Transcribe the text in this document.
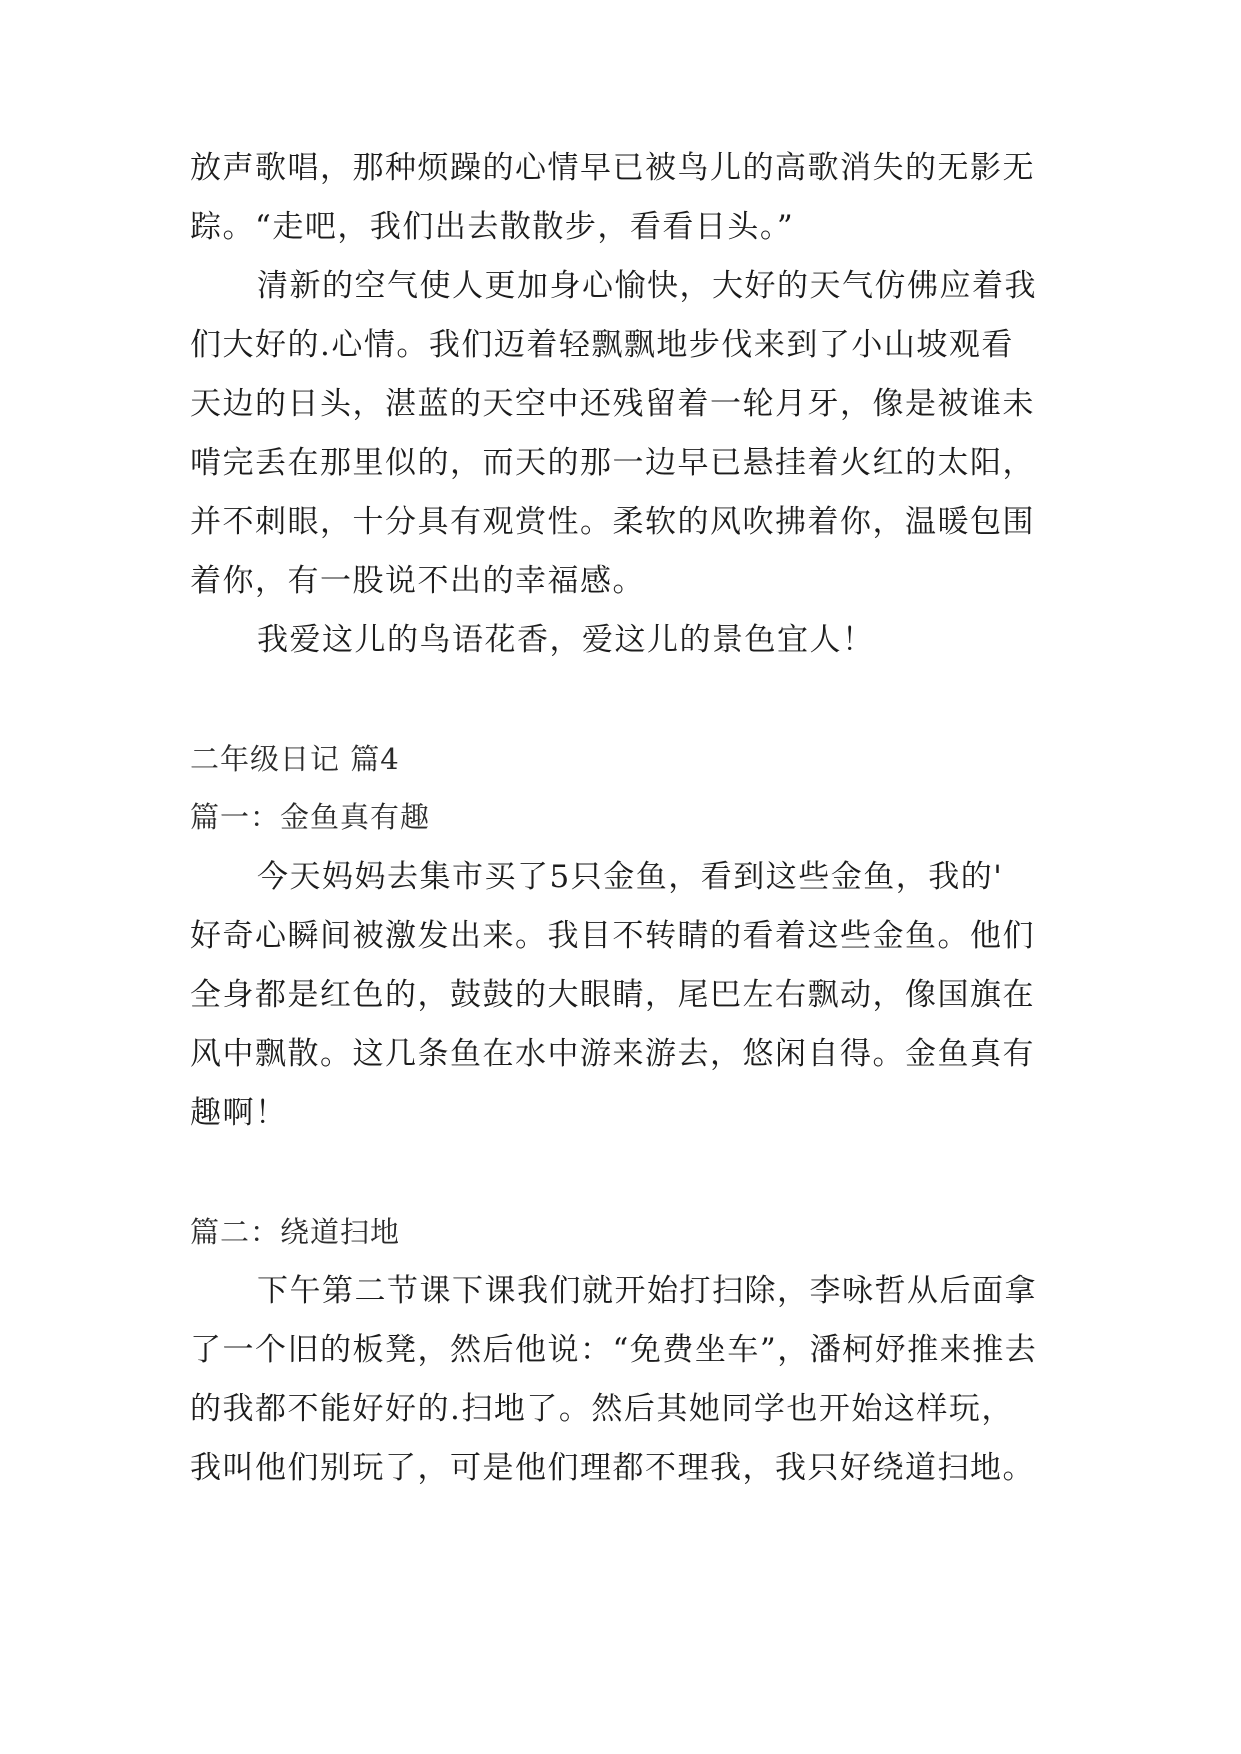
放声歌唱，那种烦躁的心情早已被鸟儿的高歌消失的无影无

踪。“走吧，我们出去散散步，看看日头。”

清新的空气使人更加身心愉快，大好的天气仿佛应着我

们大好的.心情。我们迈着轻飘飘地步伐来到了小山坡观看

天边的日头，湛蓝的天空中还残留着一轮月牙，像是被谁未

啃完丢在那里似的，而天的那一边早已悬挂着火红的太阳，

并不刺眼，十分具有观赏性。柔软的风吹拂着你，温暖包围

着你，有一股说不出的幸福感。

我爱这儿的鸟语花香，爱这儿的景色宜人！

二年级日记 篇4

篇一：金鱼真有趣

今天妈妈去集市买了5只金鱼，看到这些金鱼，我的'

好奇心瞬间被激发出来。我目不转睛的看着这些金鱼。他们

全身都是红色的，鼓鼓的大眼睛，尾巴左右飘动，像国旗在

风中飘散。这几条鱼在水中游来游去，悠闲自得。金鱼真有

趣啊！

篇二：绕道扫地

下午第二节课下课我们就开始打扫除，李咏哲从后面拿

了一个旧的板凳，然后他说：“免费坐车”，潘柯妤推来推去

的我都不能好好的.扫地了。然后其她同学也开始这样玩，

我叫他们别玩了，可是他们理都不理我，我只好绕道扫地。
